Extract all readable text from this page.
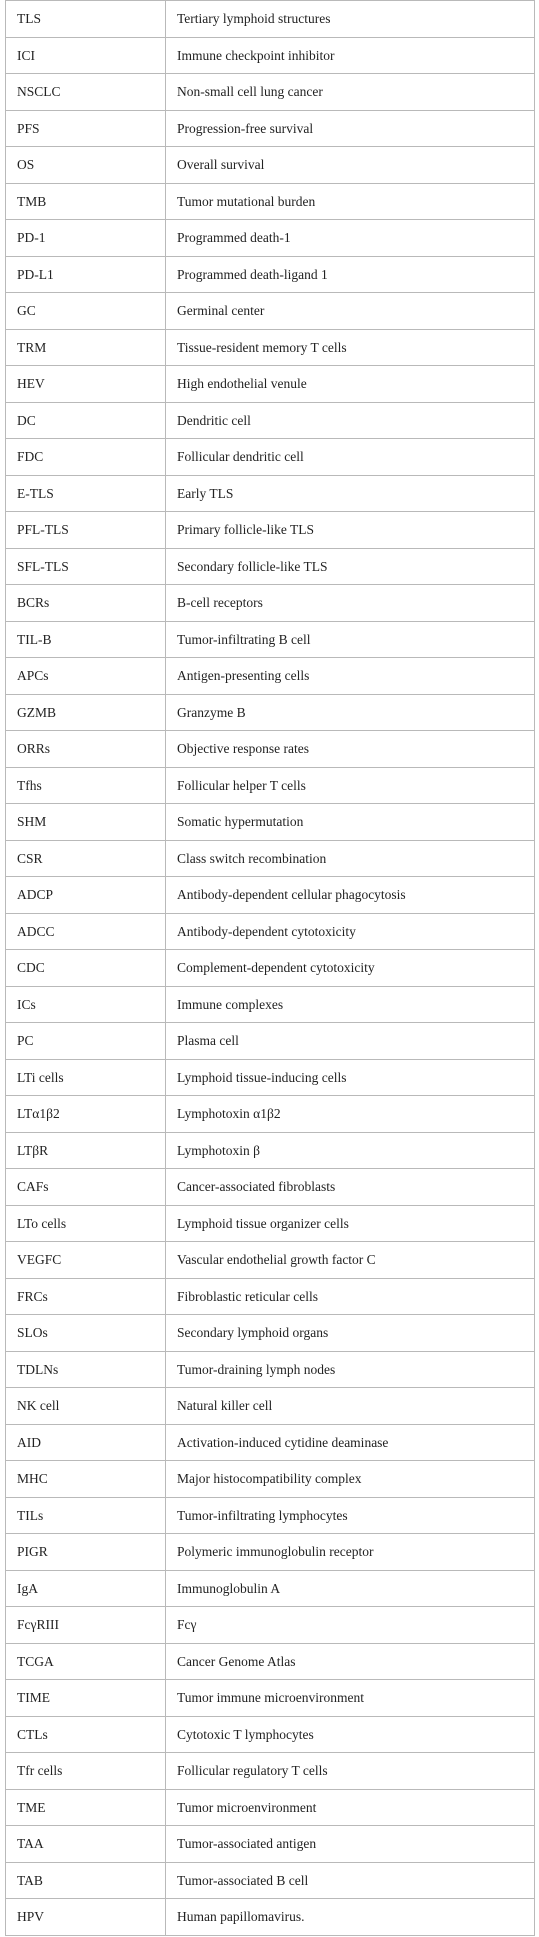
TLS	Tertiary lymphoid structures
ICI	Immune checkpoint inhibitor
NSCLC	Non-small cell lung cancer
PFS	Progression-free survival
OS	Overall survival
TMB	Tumor mutational burden
PD-1	Programmed death-1
PD-L1	Programmed death-ligand 1
GC	Germinal center
TRM	Tissue-resident memory T cells
HEV	High endothelial venule
DC	Dendritic cell
FDC	Follicular dendritic cell
E-TLS	Early TLS
PFL-TLS	Primary follicle-like TLS
SFL-TLS	Secondary follicle-like TLS
BCRs	B-cell receptors
TIL-B	Tumor-infiltrating B cell
APCs	Antigen-presenting cells
GZMB	Granzyme B
ORRs	Objective response rates
Tfhs	Follicular helper T cells
SHM	Somatic hypermutation
CSR	Class switch recombination
ADCP	Antibody-dependent cellular phagocytosis
ADCC	Antibody-dependent cytotoxicity
CDC	Complement-dependent cytotoxicity
ICs	Immune complexes
PC	Plasma cell
LTi cells	Lymphoid tissue-inducing cells
LTα1β2	Lymphotoxin α1β2
LTβR	Lymphotoxin β
CAFs	Cancer-associated fibroblasts
LTo cells	Lymphoid tissue organizer cells
VEGFC	Vascular endothelial growth factor C
FRCs	Fibroblastic reticular cells
SLOs	Secondary lymphoid organs
TDLNs	Tumor-draining lymph nodes
NK cell	Natural killer cell
AID	Activation-induced cytidine deaminase
MHC	Major histocompatibility complex
TILs	Tumor-infiltrating lymphocytes
PIGR	Polymeric immunoglobulin receptor
IgA	Immunoglobulin A
FcγRIII	Fcγ
TCGA	Cancer Genome Atlas
TIME	Tumor immune microenvironment
CTLs	Cytotoxic T lymphocytes
Tfr cells	Follicular regulatory T cells
TME	Tumor microenvironment
TAA	Tumor-associated antigen
TAB	Tumor-associated B cell
HPV	Human papillomavirus.
